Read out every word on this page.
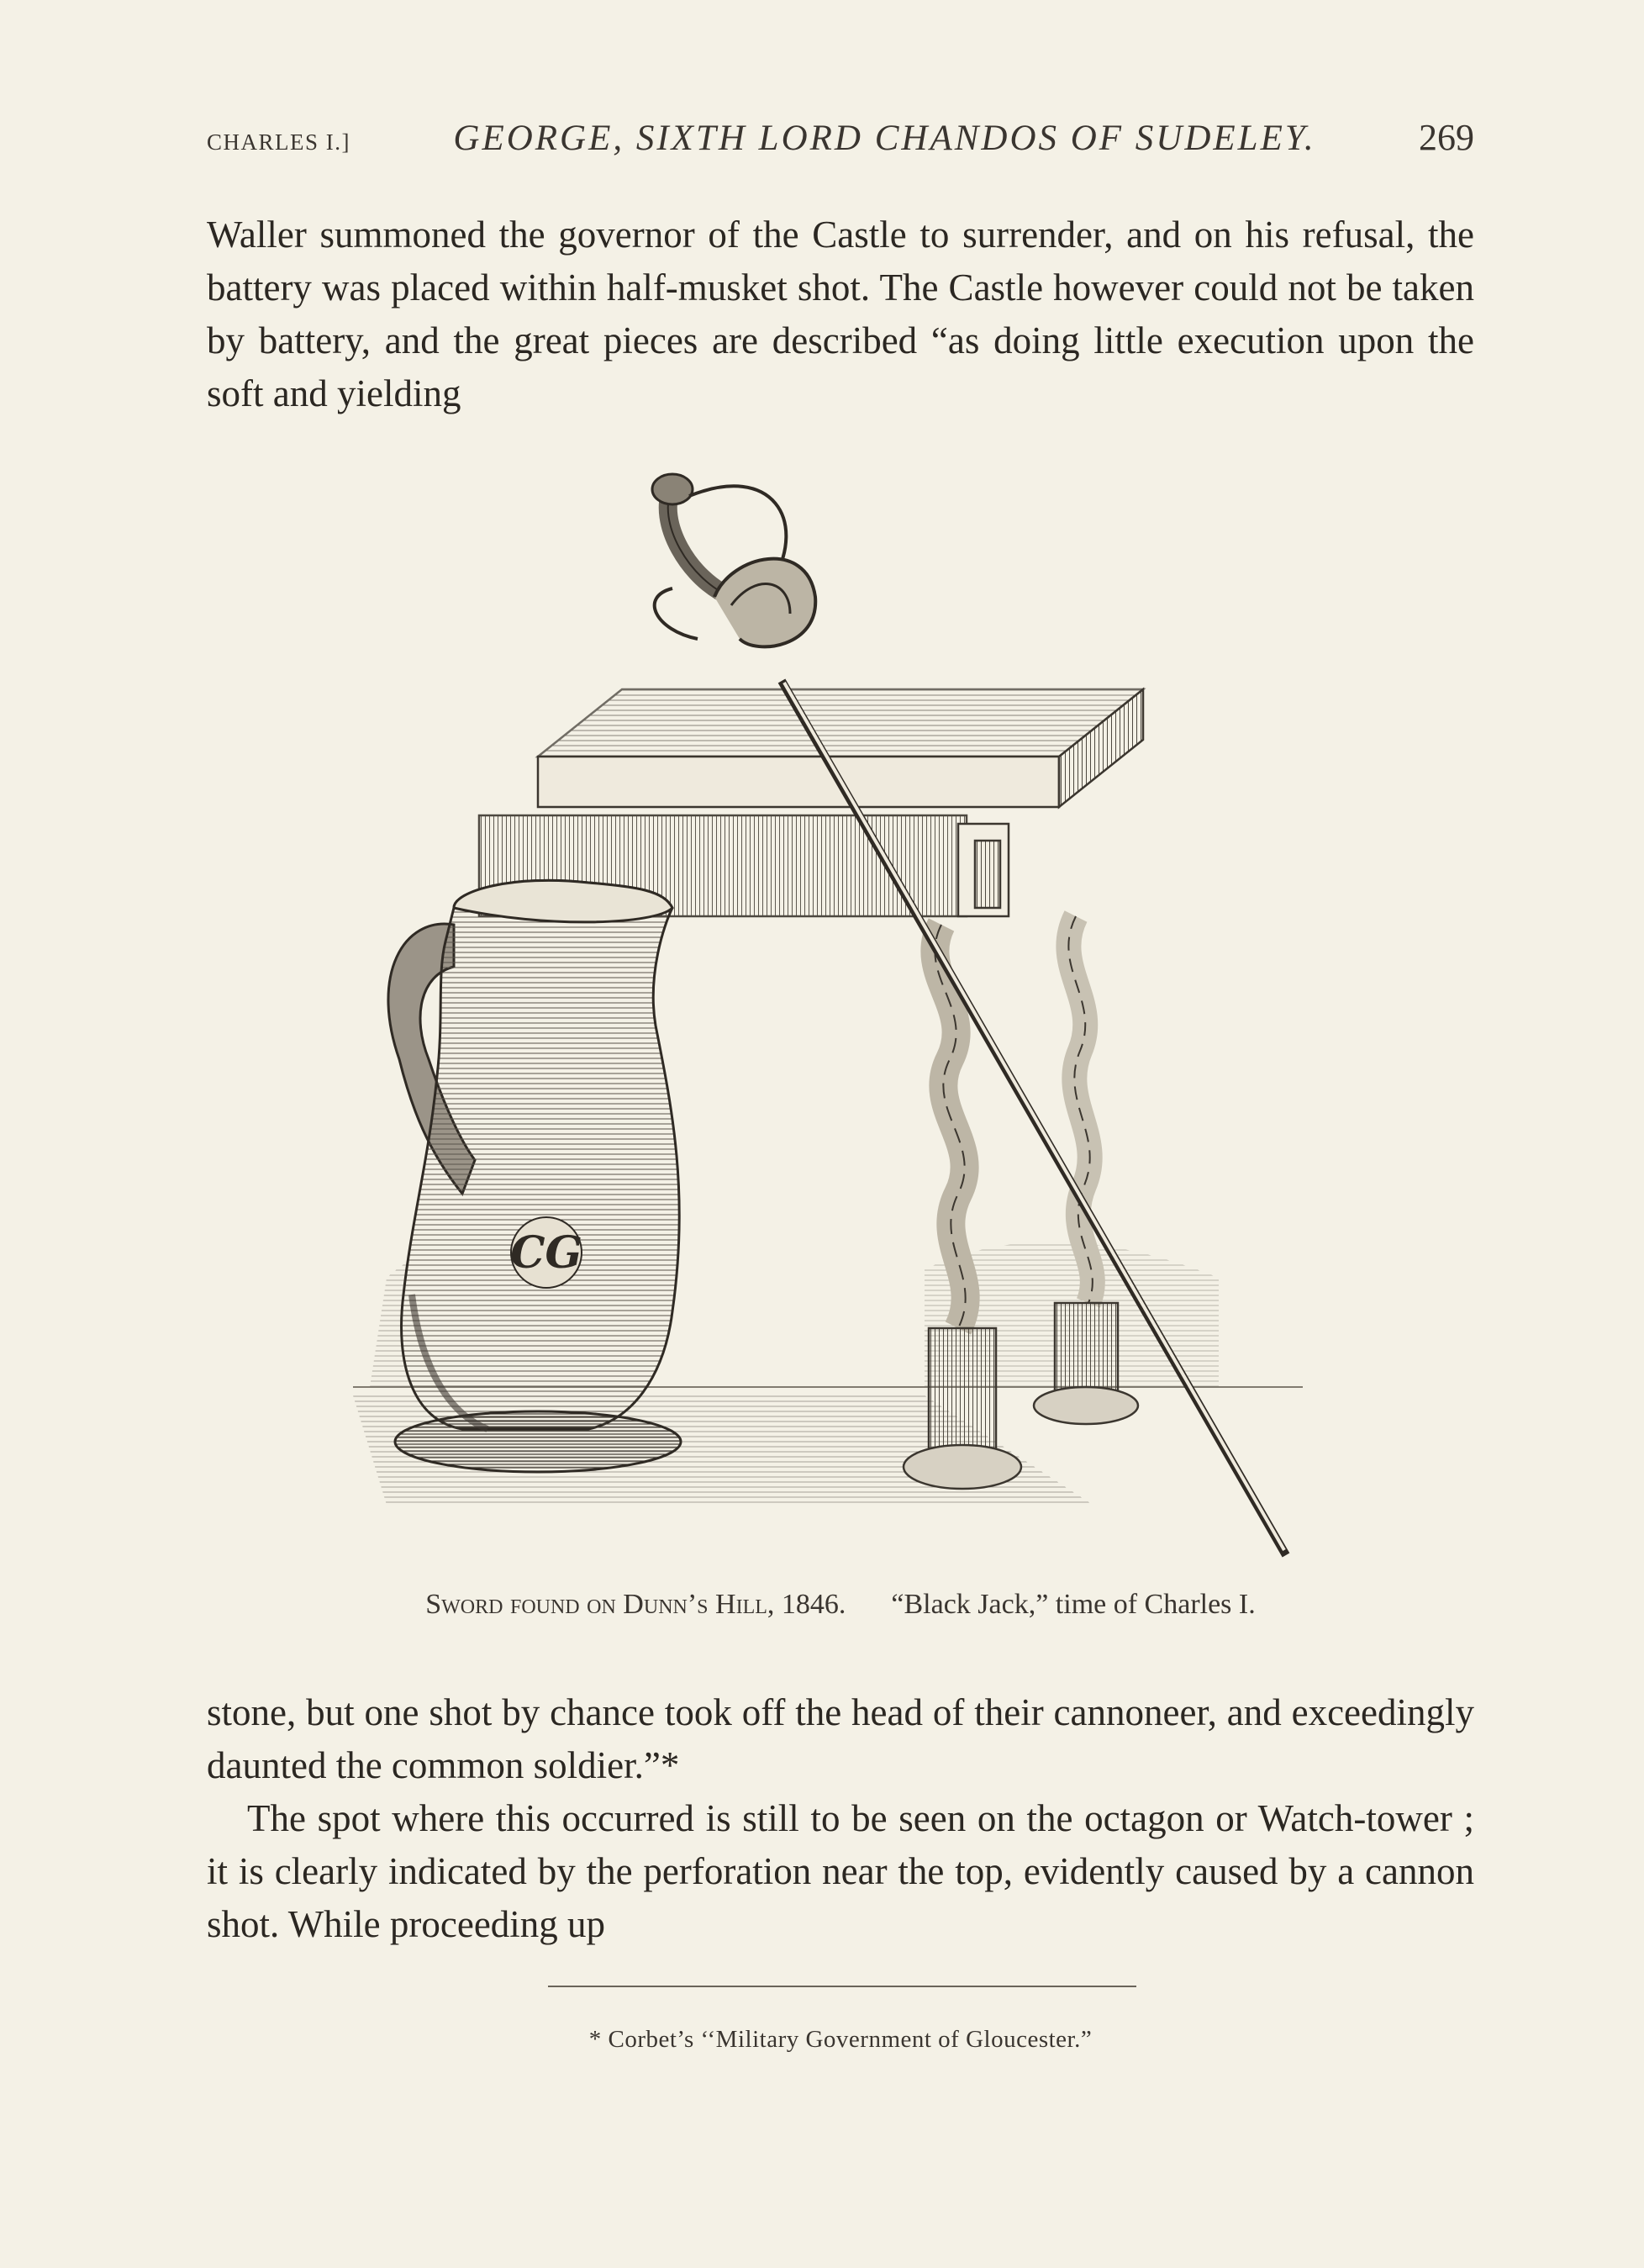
CHARLES I.]	GEORGE, SIXTH LORD CHANDOS OF SUDELEY.	269

Waller summoned the governor of the Castle to surrender, and on his refusal, the battery was placed within half-musket shot. The Castle however could not be taken by battery, and the great pieces are described “as doing little execution upon the soft and yielding

CG
Sword found on Dunn’s Hill, 1846. “Black Jack,” time of Charles I.

stone, but one shot by chance took off the head of their cannoneer, and exceedingly daunted the common soldier.”*

The spot where this occurred is still to be seen on the octagon or Watch-tower ; it is clearly indicated by the perforation near the top, evidently caused by a cannon shot. While proceeding up

* Corbet’s ‘‘Military Government of Gloucester.”
